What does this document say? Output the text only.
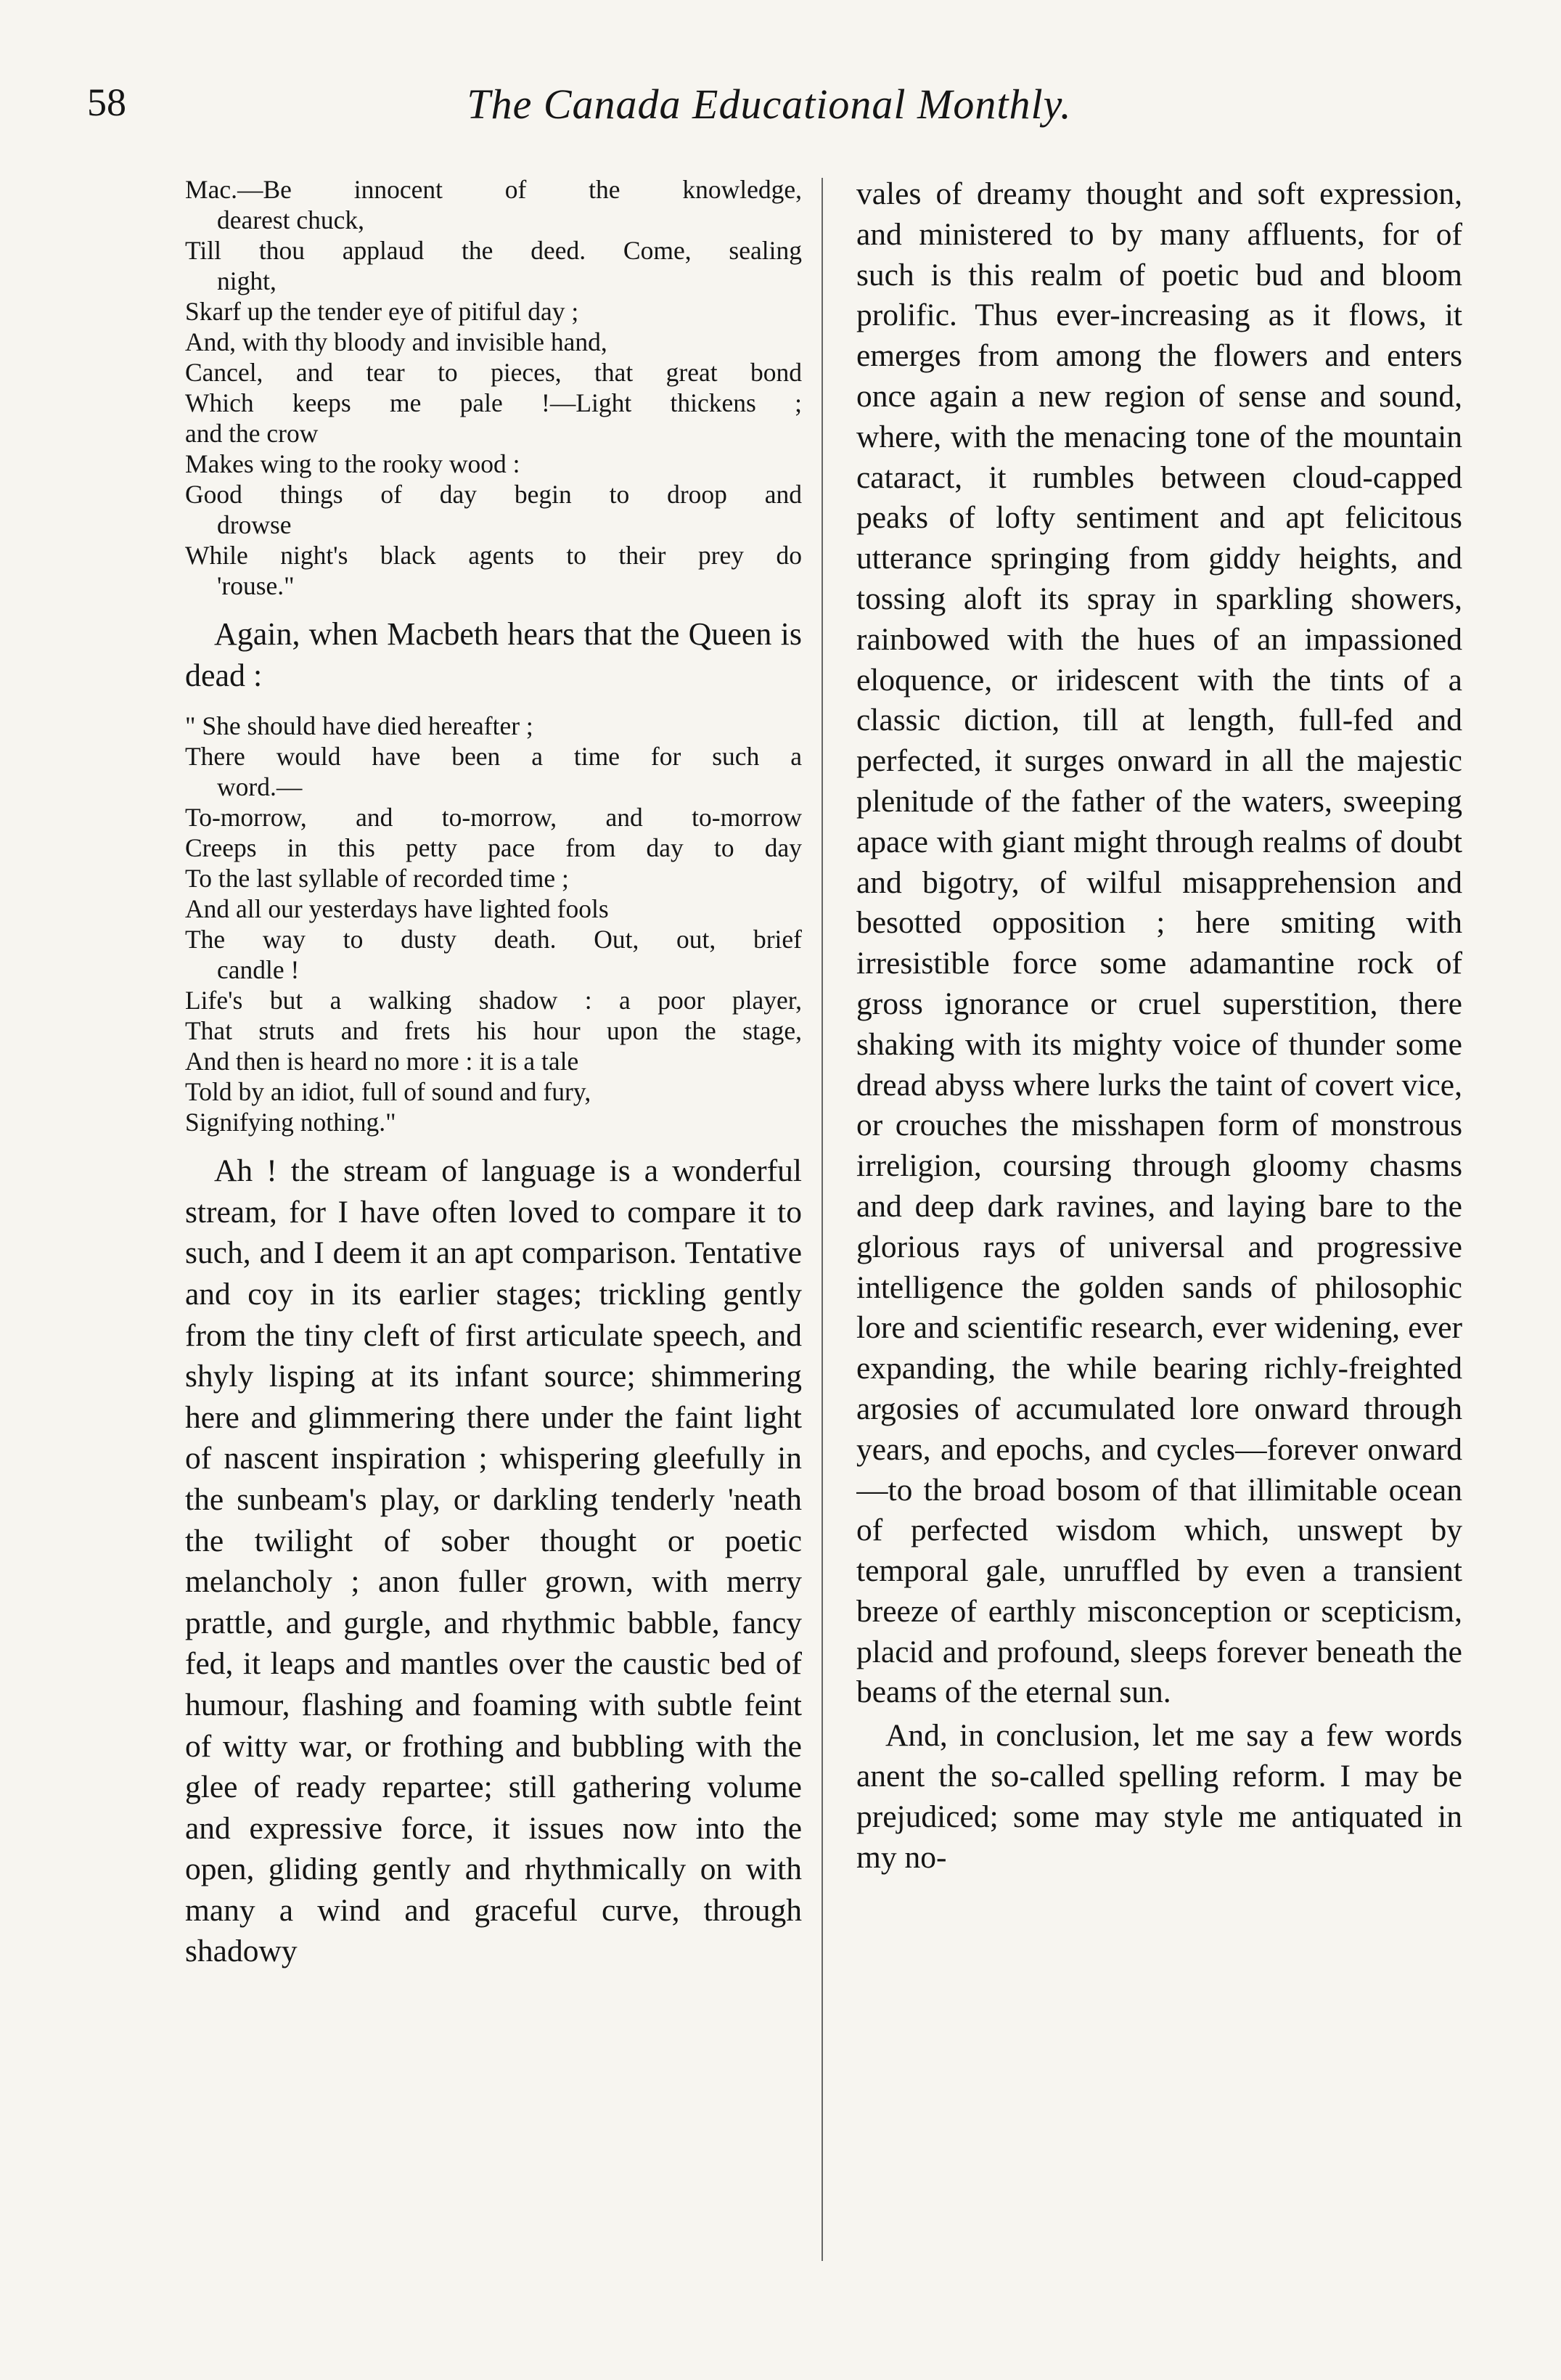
58	The Canada Educational Monthly.
Mac.—Be innocent of the knowledge,
dearest chuck,
Till thou applaud the deed. Come, sealing
night,
Skarf up the tender eye of pitiful day ;
And, with thy bloody and invisible hand,
Cancel, and tear to pieces, that great bond
Which keeps me pale !—Light thickens ;
and the crow
Makes wing to the rooky wood :
Good things of day begin to droop and
drowse
While night's black agents to their prey do
'rouse."

Again, when Macbeth hears that the Queen is dead :

" She should have died hereafter ;
There would have been a time for such a
word.—
To-morrow, and to-morrow, and to-morrow
Creeps in this petty pace from day to day
To the last syllable of recorded time ;
And all our yesterdays have lighted fools
The way to dusty death. Out, out, brief
candle !
Life's but a walking shadow : a poor player,
That struts and frets his hour upon the stage,
And then is heard no more : it is a tale
Told by an idiot, full of sound and fury,
Signifying nothing."

Ah ! the stream of language is a wonderful stream, for I have often loved to compare it to such, and I deem it an apt comparison. Tentative and coy in its earlier stages; trickling gently from the tiny cleft of first articulate speech, and shyly lisping at its infant source; shimmering here and glimmering there under the faint light of nascent inspiration ; whispering gleefully in the sunbeam's play, or darkling tenderly 'neath the twilight of sober thought or poetic melancholy ; anon fuller grown, with merry prattle, and gurgle, and rhythmic babble, fancy fed, it leaps and mantles over the caustic bed of humour, flashing and foaming with subtle feint of witty war, or frothing and bubbling with the glee of ready repartee; still gathering volume and expressive force, it issues now into the open, gliding gently and rhythmically on with many a wind and graceful curve, through shadowy

vales of dreamy thought and soft expression, and ministered to by many affluents, for of such is this realm of poetic bud and bloom prolific. Thus ever-increasing as it flows, it emerges from among the flowers and enters once again a new region of sense and sound, where, with the menacing tone of the mountain cataract, it rumbles between cloud-capped peaks of lofty sentiment and apt felicitous utterance springing from giddy heights, and tossing aloft its spray in sparkling showers, rainbowed with the hues of an impassioned eloquence, or iridescent with the tints of a classic diction, till at length, full-fed and perfected, it surges onward in all the majestic plenitude of the father of the waters, sweeping apace with giant might through realms of doubt and bigotry, of wilful misapprehension and besotted opposition ; here smiting with irresistible force some adamantine rock of gross ignorance or cruel superstition, there shaking with its mighty voice of thunder some dread abyss where lurks the taint of covert vice, or crouches the misshapen form of monstrous irreligion, coursing through gloomy chasms and deep dark ravines, and laying bare to the glorious rays of universal and progressive intelligence the golden sands of philosophic lore and scientific research, ever widening, ever expanding, the while bearing richly-freighted argosies of accumulated lore onward through years, and epochs, and cycles—forever onward—to the broad bosom of that illimitable ocean of perfected wisdom which, unswept by temporal gale, unruffled by even a transient breeze of earthly misconception or scepticism, placid and profound, sleeps forever beneath the beams of the eternal sun.

And, in conclusion, let me say a few words anent the so-called spelling reform. I may be prejudiced; some may style me antiquated in my no-
